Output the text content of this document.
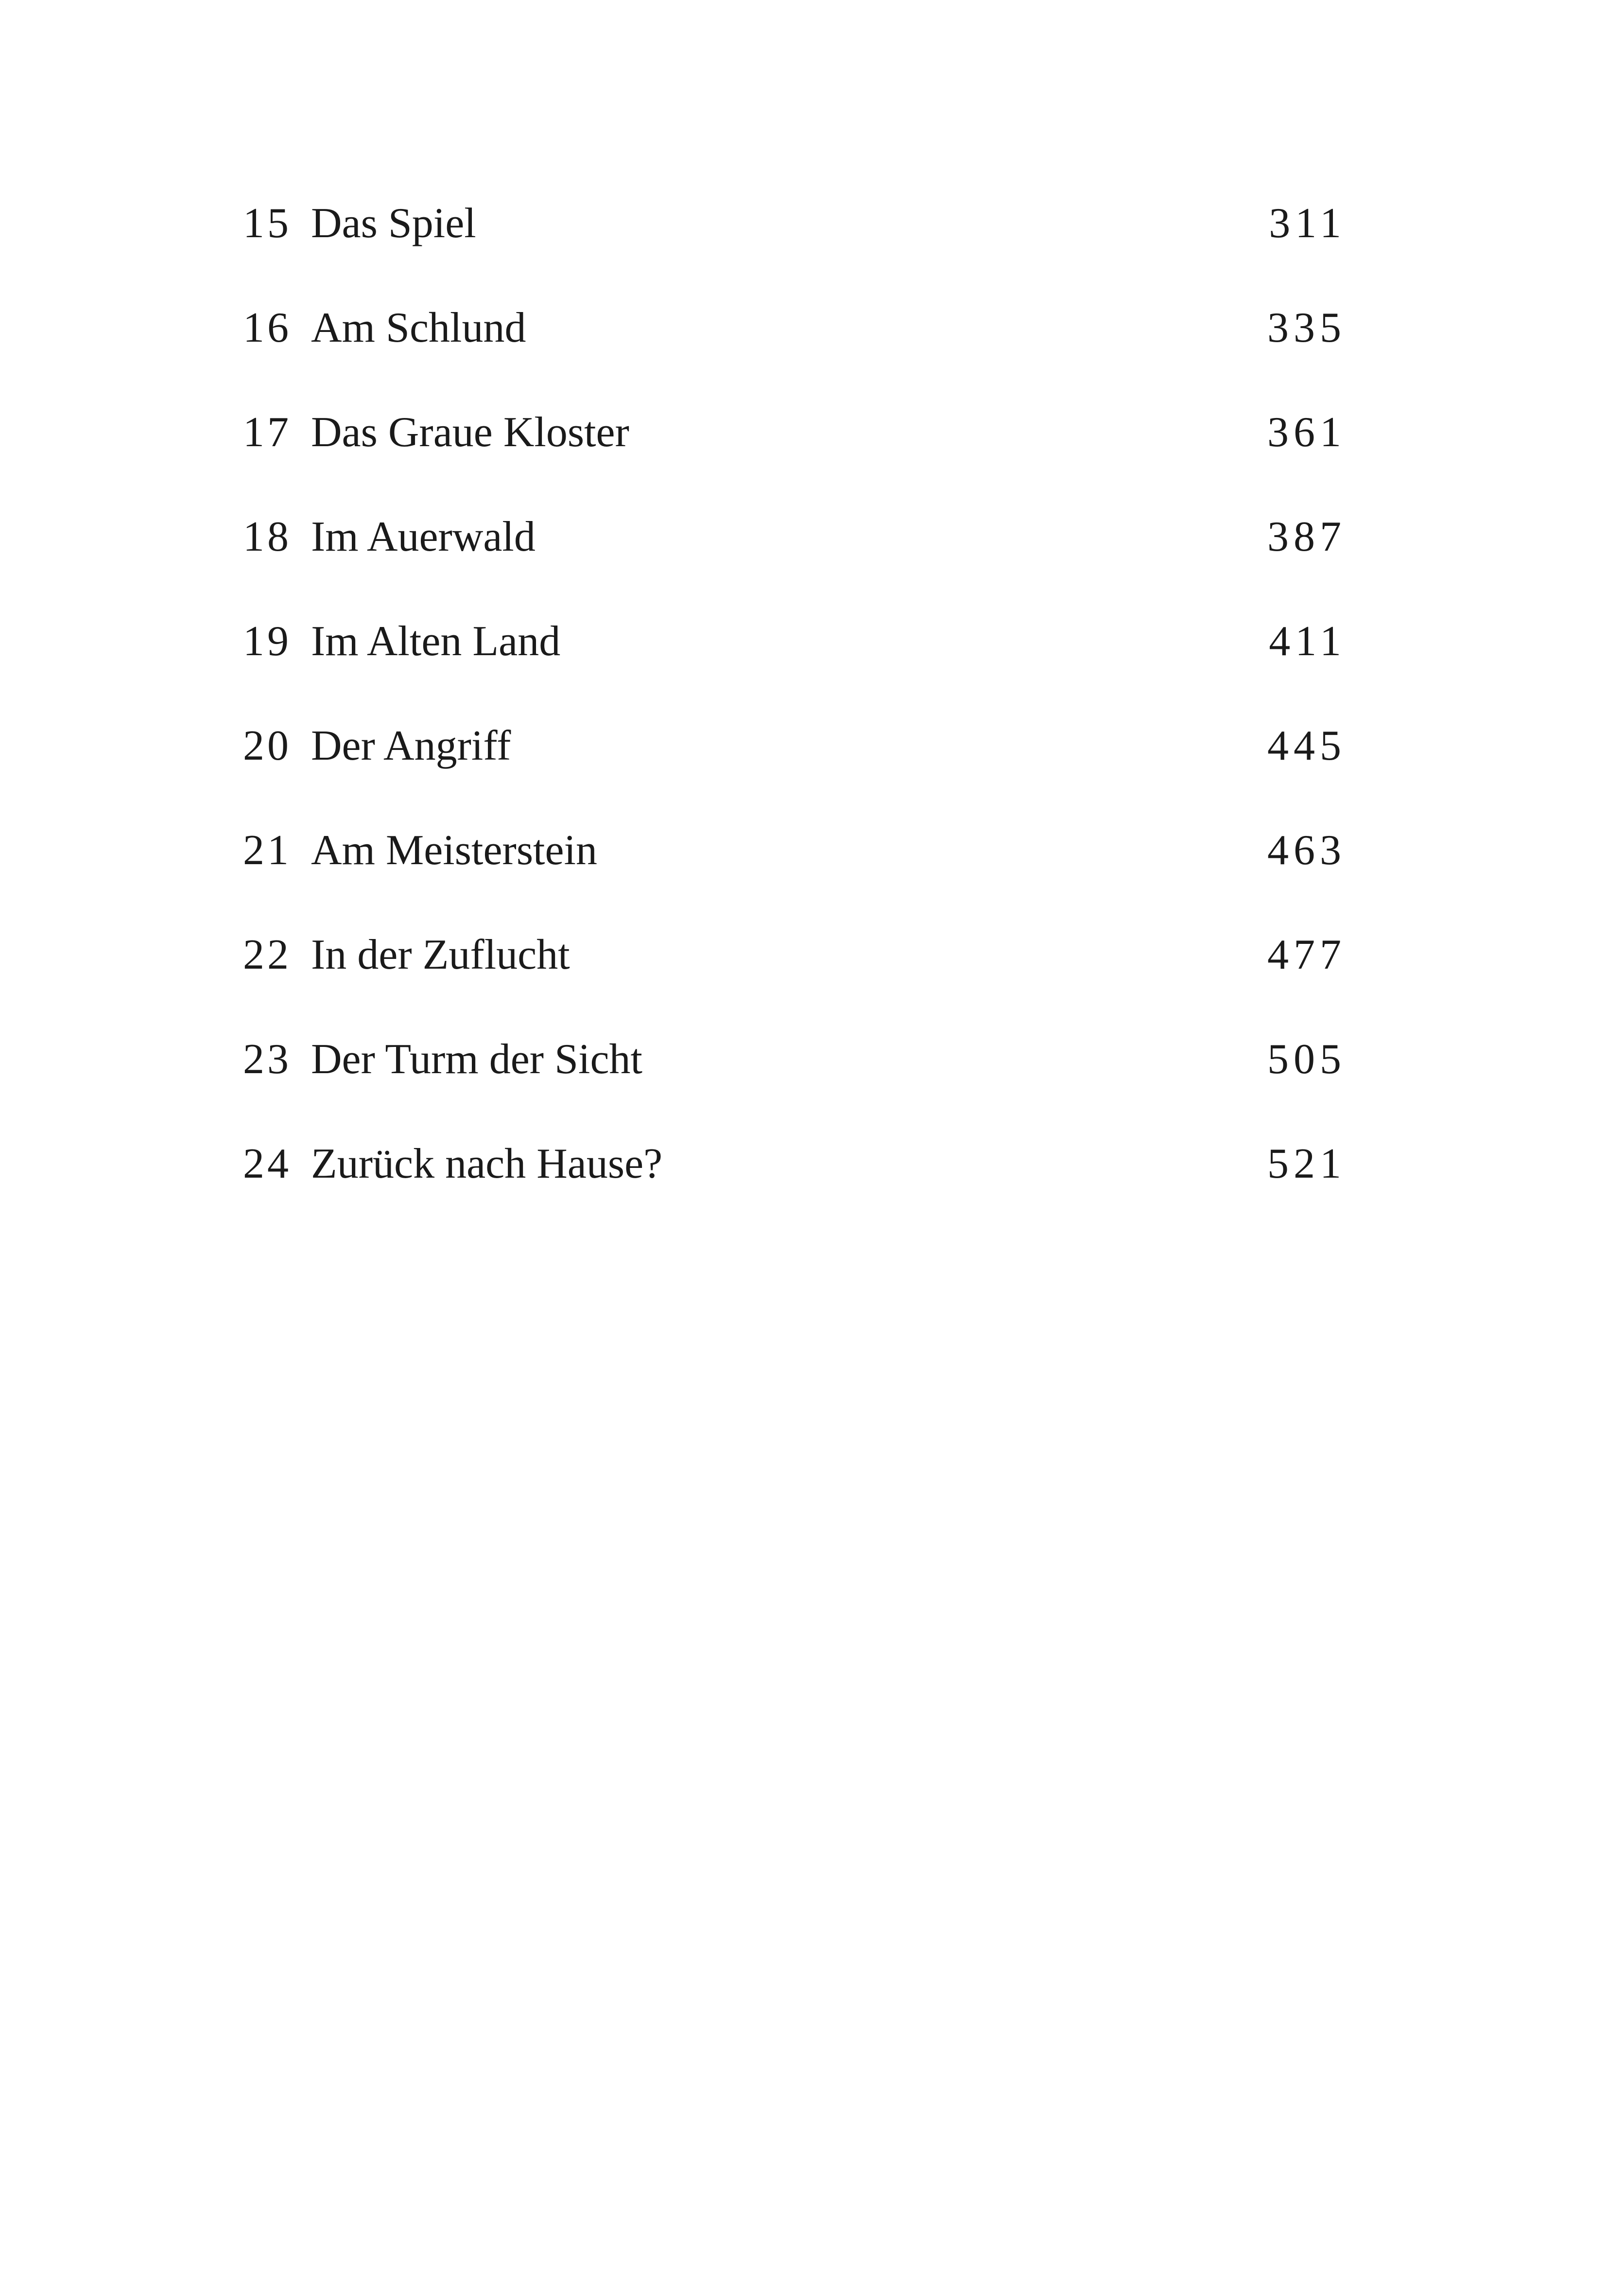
15 Das Spiel	311
16 Am Schlund	335
17 Das Graue Kloster	361
18 Im Auerwald	387
19 Im Alten Land	411
20 Der Angriff	445
21 Am Meisterstein	463
22 In der Zuflucht	477
23 Der Turm der Sicht	505
24 Zurück nach Hause?	521
